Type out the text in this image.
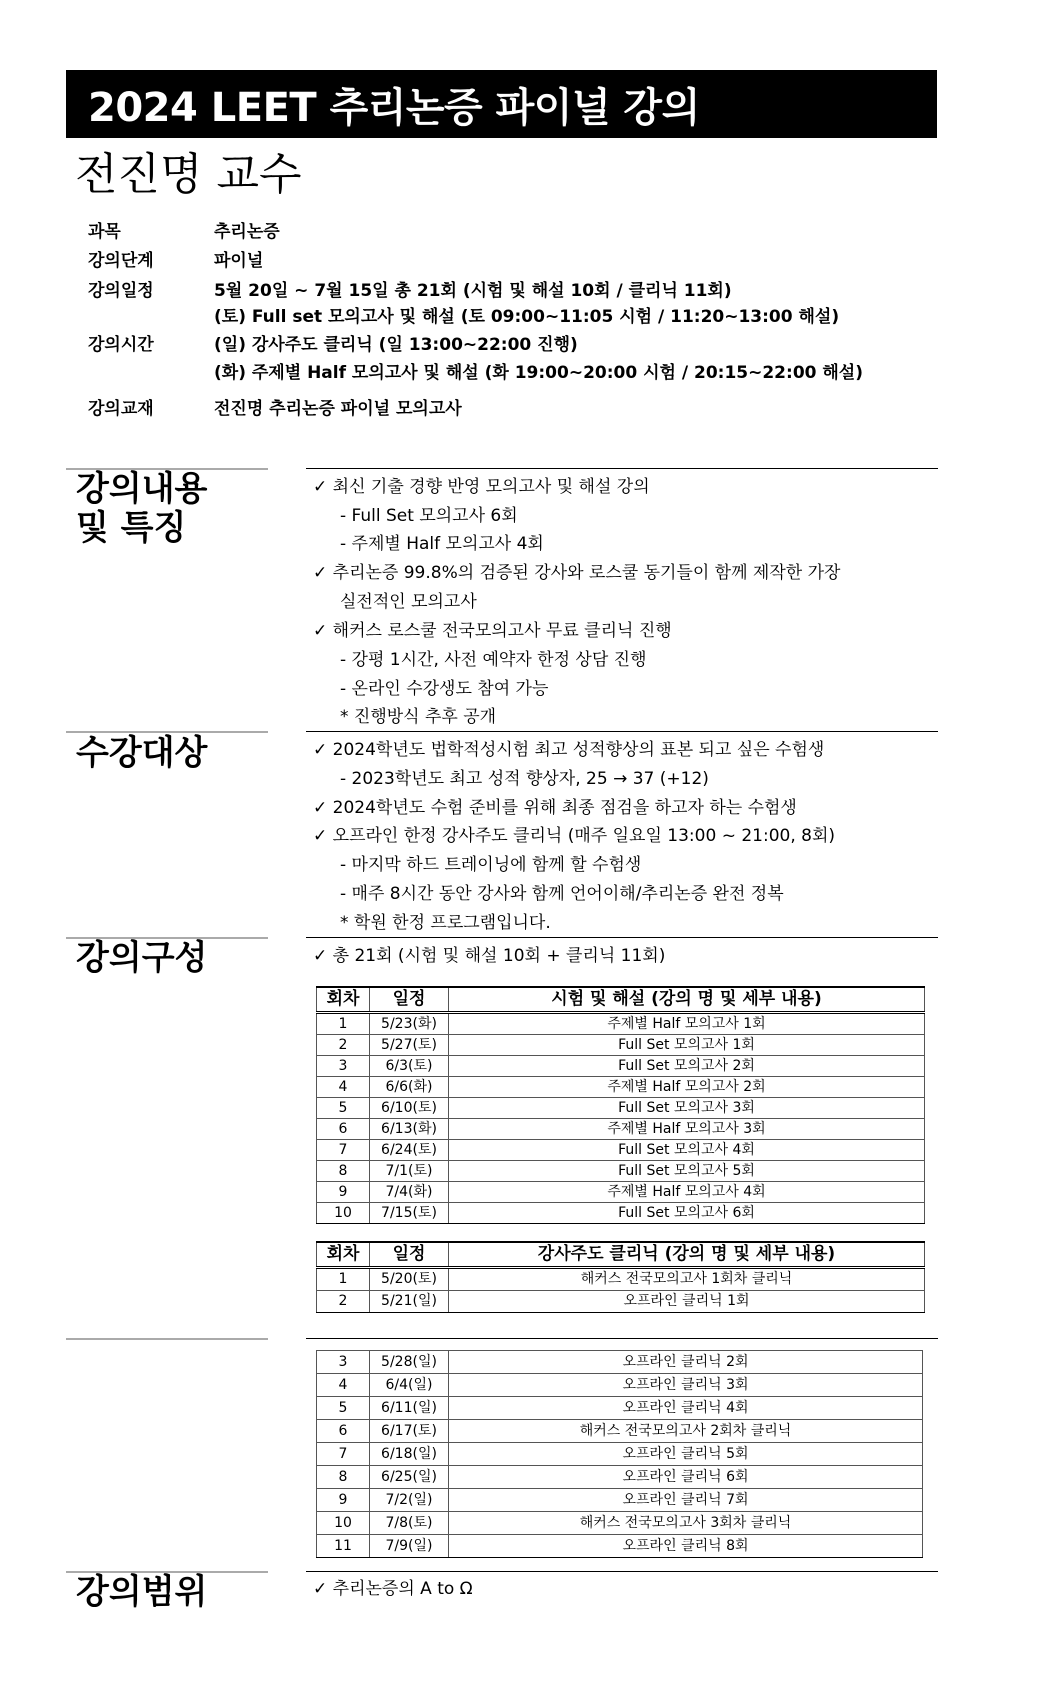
2024 LEET 추리논증 파이널 강의
전진명 교수
과목	추리논증
강의단계	파이널
강의일정	5월 20일 ~ 7월 15일 총 21회 (시험 및 해설 10회 / 클리닉 11회)
(토) Full set 모의고사 및 해설 (토 09:00~11:05 시험 / 11:20~13:00 해설)
강의시간	(일) 강사주도 클리닉 (일 13:00~22:00 진행)
(화) 주제별 Half 모의고사 및 해설 (화 19:00~20:00 시험 / 20:15~22:00 해설)
강의교재	전진명 추리논증 파이널 모의고사
강의내용
및 특징
✓ 최신 기출 경향 반영 모의고사 및 해설 강의
- Full Set 모의고사 6회
- 주제별 Half 모의고사 4회
✓ 추리논증 99.8%의 검증된 강사와 로스쿨 동기들이 함께 제작한 가장
실전적인 모의고사
✓ 해커스 로스쿨 전국모의고사 무료 클리닉 진행
- 강평 1시간, 사전 예약자 한정 상담 진행
- 온라인 수강생도 참여 가능
* 진행방식 추후 공개
수강대상	✓ 2024학년도 법학적성시험 최고 성적향상의 표본 되고 싶은 수험생
- 2023학년도 최고 성적 향상자, 25 → 37 (+12)
✓ 2024학년도 수험 준비를 위해 최종 점검을 하고자 하는 수험생
✓ 오프라인 한정 강사주도 클리닉 (매주 일요일 13:00 ~ 21:00, 8회)
- 마지막 하드 트레이닝에 함께 할 수험생
- 매주 8시간 동안 강사와 함께 언어이해/추리논증 완전 정복
* 학원 한정 프로그램입니다.
강의구성	✓ 총 21회 (시험 및 해설 10회 + 클리닉 11회)
회차	일정	시험 및 해설 (강의 명 및 세부 내용)
1	5/23(화)	주제별 Half 모의고사 1회
2	5/27(토)	Full Set 모의고사 1회
3	6/3(토)	Full Set 모의고사 2회
4	6/6(화)	주제별 Half 모의고사 2회
5	6/10(토)	Full Set 모의고사 3회
6	6/13(화)	주제별 Half 모의고사 3회
7	6/24(토)	Full Set 모의고사 4회
8	7/1(토)	Full Set 모의고사 5회
9	7/4(화)	주제별 Half 모의고사 4회
10	7/15(토)	Full Set 모의고사 6회
회차	일정	강사주도 클리닉 (강의 명 및 세부 내용)
1	5/20(토)	해커스 전국모의고사 1회차 클리닉
2	5/21(일)	오프라인 클리닉 1회
3	5/28(일)	오프라인 클리닉 2회
4	6/4(일)	오프라인 클리닉 3회
5	6/11(일)	오프라인 클리닉 4회
6	6/17(토)	해커스 전국모의고사 2회차 클리닉
7	6/18(일)	오프라인 클리닉 5회
8	6/25(일)	오프라인 클리닉 6회
9	7/2(일)	오프라인 클리닉 7회
10	7/8(토)	해커스 전국모의고사 3회차 클리닉
11	7/9(일)	오프라인 클리닉 8회
강의범위	✓ 추리논증의 A to Ω
